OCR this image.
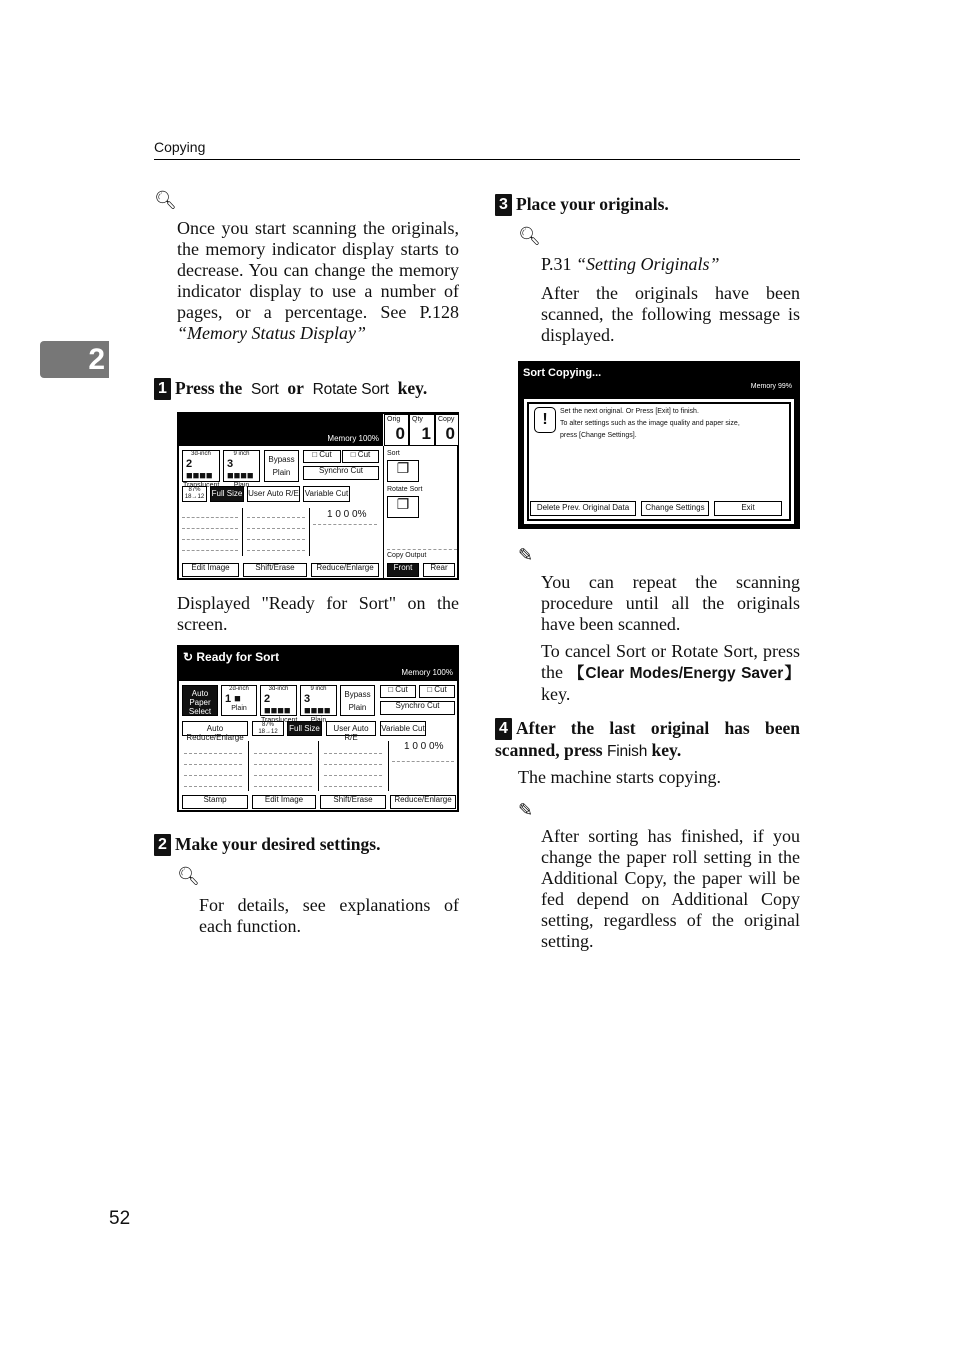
Copying
2
52
🔍︎
Once you start scanning the originals, the memory indicator display starts to decrease. You can change the memory indicator display to use a number of pages, or a percentage. See P.128 “Memory Status Display”
1 Press the Sort or Rotate Sort key.
Memory 100%
Orig
0
Qty
1
Copy
0
3d-inch
2 ■■■■
9 inch
3 ■■■■
Bypass
Plain
□ Cut	□ Cut
Synchro Cut
Sort
❐
Rotate Sort
❐
87%
18→12 Full Size User Auto R/E Variable Cut
1 0 0 0%
Copy Output
Front	Rear
Edit Image	Shift/Erase	Reduce/Enlarge
Displayed "Ready for Sort" on the screen.
↻ Ready for Sort
Memory 100%
Auto Paper Select
2d-inch
1 ■
Plain
3d-inch
2 ■■■■
9 inch
3 ■■■■
Bypass
Plain
□ Cut	□ Cut
Synchro Cut
Auto Reduce/Enlarge
87%
18→12	Full Size	User Auto R/E
Variable Cut
1 0 0 0%
Stamp	Edit Image	Shift/Erase	Reduce/Enlarge
2 Make your desired settings.
🔍︎
For details, see explanations of each function.
3 Place your originals.
🔍︎
P.31 “Setting Originals”
After the originals have been scanned, the following message is displayed.
Sort Copying...
Memory 99%
!	Set the next original. Or Press [Exit] to finish.
To alter settings such as the image quality and paper size,
press [Change Settings].
Delete Prev. Original Data	Change Settings	Exit
✎
You can repeat the scanning procedure until all the originals have been scanned.
To cancel Sort or Rotate Sort, press the 【Clear Modes/Energy Saver】 key.
4 After the last original has been scanned, press Finish key.
The machine starts copying.
✎
After sorting has finished, if you change the paper roll setting in the Additional Copy, the paper will be fed depend on Additional Copy setting, regardless of the original setting.
